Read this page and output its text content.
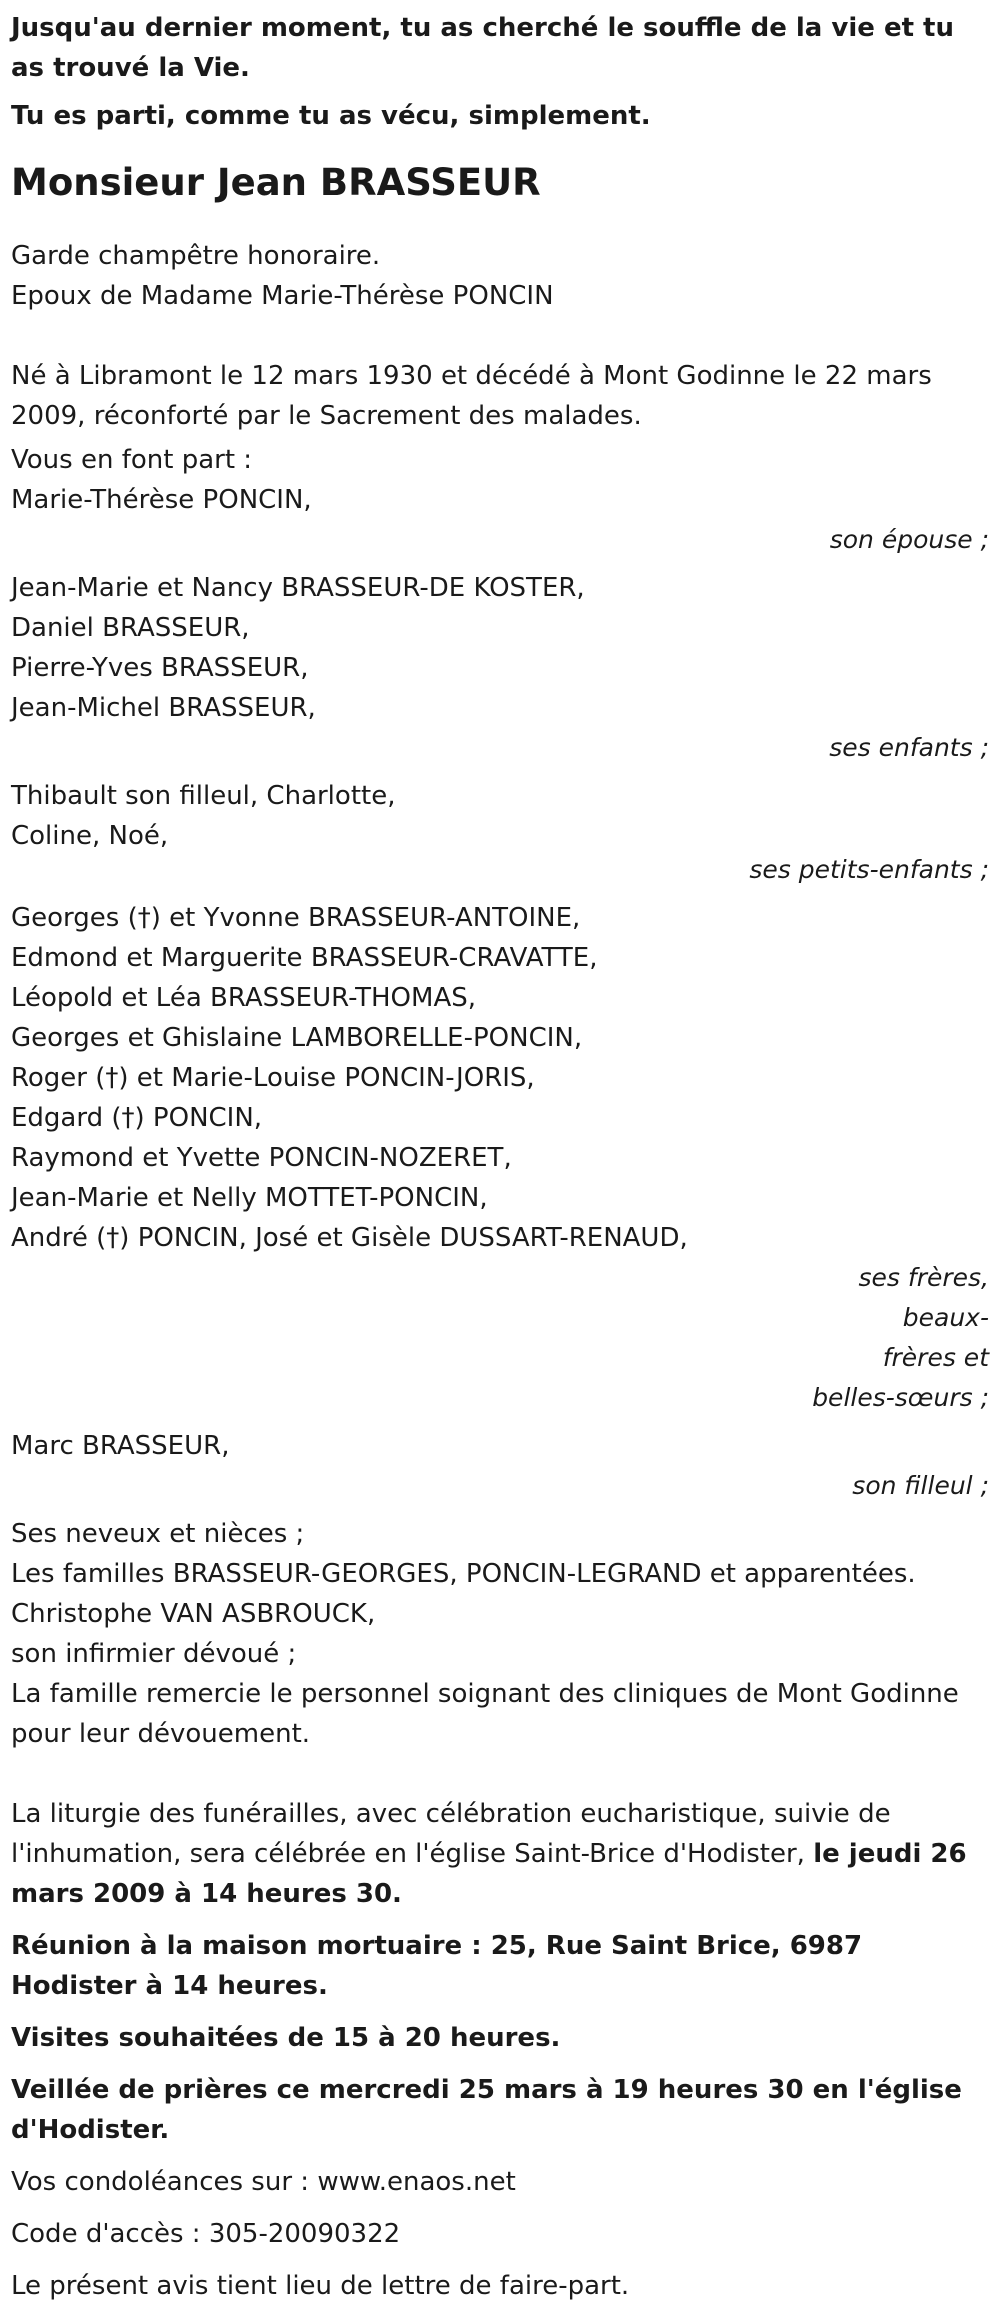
Jusqu'au dernier moment, tu as cherché le souffle de la vie et tu as trouvé la Vie.

Tu es parti, comme tu as vécu, simplement.

Monsieur Jean BRASSEUR

Garde champêtre honoraire.

Epoux de Madame Marie-Thérèse PONCIN

Né à Libramont le 12 mars 1930 et décédé à Mont Godinne le 22 mars 2009, réconforté par le Sacrement des malades.

Vous en font part :

Marie-Thérèse PONCIN,

son épouse ;

Jean-Marie et Nancy BRASSEUR-DE KOSTER,

Daniel BRASSEUR,

Pierre-Yves BRASSEUR,

Jean-Michel BRASSEUR,

ses enfants ;

Thibault son filleul, Charlotte,

Coline, Noé,

ses petits-enfants ;

Georges (†) et Yvonne BRASSEUR-ANTOINE,

Edmond et Marguerite BRASSEUR-CRAVATTE,

Léopold et Léa BRASSEUR-THOMAS,

Georges et Ghislaine LAMBORELLE-PONCIN,

Roger (†) et Marie-Louise PONCIN-JORIS,

Edgard (†) PONCIN,

Raymond et Yvette PONCIN-NOZERET,

Jean-Marie et Nelly MOTTET-PONCIN,

André (†) PONCIN, José et Gisèle DUSSART-RENAUD,

ses frères, beaux-
frères et
belles-sœurs ;

Marc BRASSEUR,

son filleul ;

Ses neveux et nièces ;

Les familles BRASSEUR-GEORGES, PONCIN-LEGRAND et apparentées.

Christophe VAN ASBROUCK,

son infirmier dévoué ;

La famille remercie le personnel soignant des cliniques de Mont Godinne pour leur dévouement.

La liturgie des funérailles, avec célébration eucharistique, suivie de l'inhumation, sera célébrée en l'église Saint-Brice d'Hodister, le jeudi 26 mars 2009 à 14 heures 30.

Réunion à la maison mortuaire : 25, Rue Saint Brice, 6987 Hodister à 14 heures.

Visites souhaitées de 15 à 20 heures.

Veillée de prières ce mercredi 25 mars à 19 heures 30 en l'église d'Hodister.

Vos condoléances sur : www.enaos.net

Code d'accès : 305-20090322

Le présent avis tient lieu de lettre de faire-part.
